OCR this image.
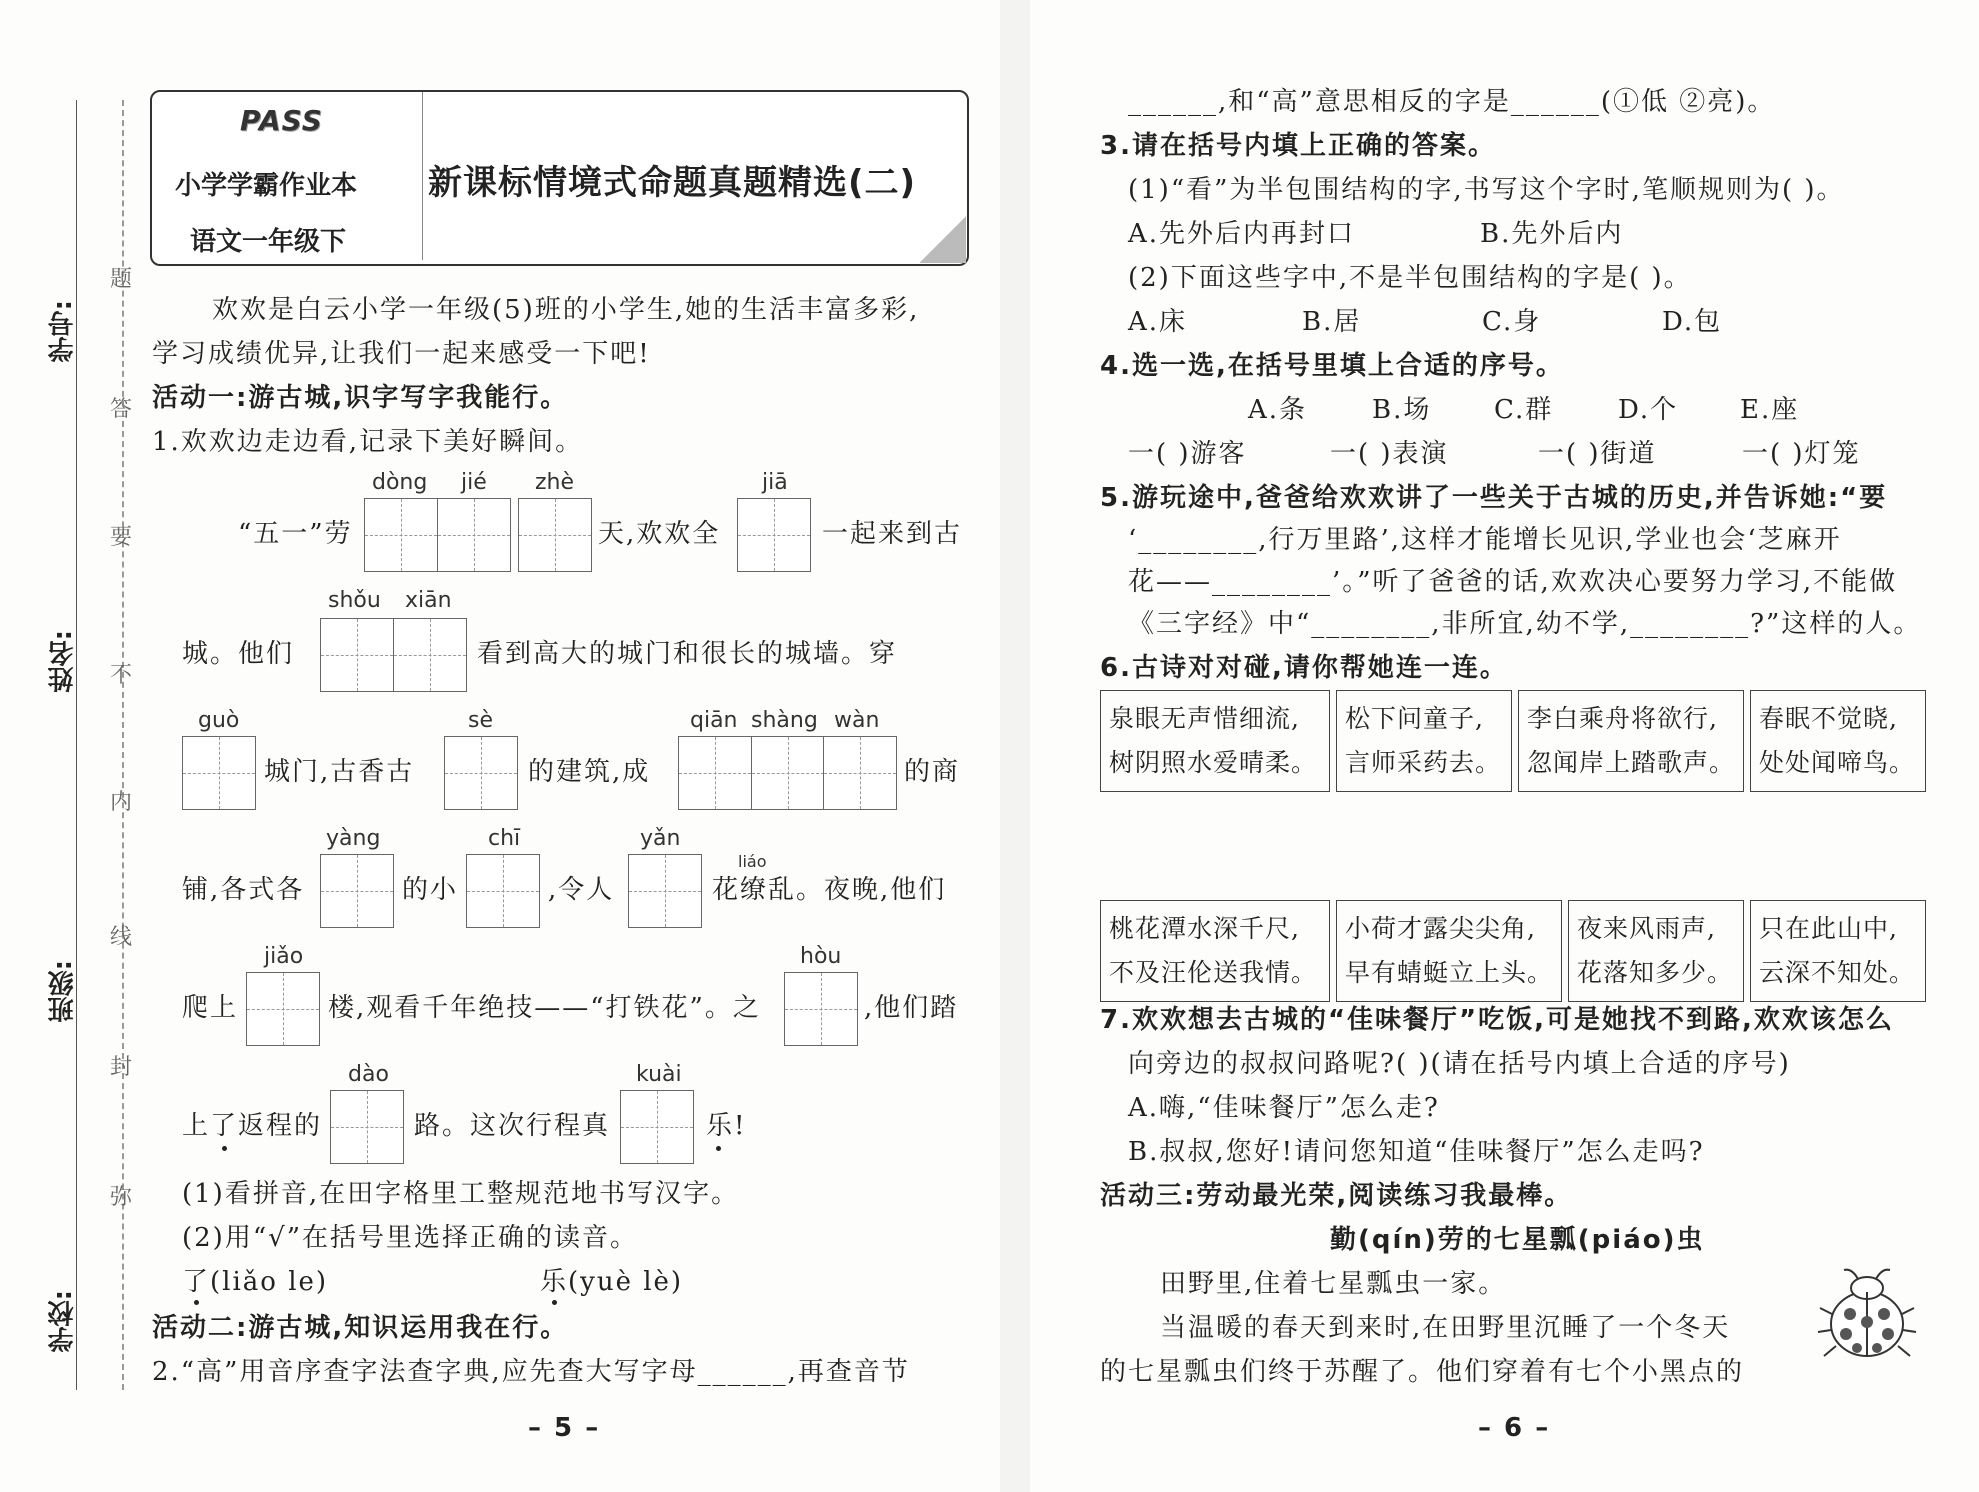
学号:
姓名:
班级:
学校:
题
答
要
不
内
线
封
弥
PASS
小学学霸作业本
语文一年级下
新课标情境式命题真题精选(二)
欢欢是白云小学一年级(5)班的小学生,她的生活丰富多彩,
学习成绩优异,让我们一起来感受一下吧!
活动一:游古城,识字写字我能行。
1.欢欢边走边看,记录下美好瞬间。
dòng jié zhè	jiā
“五一”劳	天,欢欢全	一起来到古
shǒu xiān
城。他们	看到高大的城门和很长的城墙。穿
guò	sè	qiān shàng wàn
城门,古香古	的建筑,成	的商
yàng	chī	yǎn
liáo
铺,各式各	的小	,令人	花缭乱。夜晚,他们
jiǎo	hòu
爬上	楼,观看千年绝技——“打铁花”。之	,他们踏
dào	kuài
上了返程的	路。这次行程真	乐!
(1)看拼音,在田字格里工整规范地书写汉字。
(2)用“√”在括号里选择正确的读音。
了(liǎo le)	乐(yuè lè)
活动二:游古城,知识运用我在行。
2.“高”用音序查字法查字典,应先查大写字母______,再查音节
– 5 –
______,和“高”意思相反的字是______(①低 ②亮)。
3.请在括号内填上正确的答案。
(1)“看”为半包围结构的字,书写这个字时,笔顺规则为( )。
A.先外后内再封口	B.先外后内
(2)下面这些字中,不是半包围结构的字是( )。
A.床	B.居	C.身	D.包
4.选一选,在括号里填上合适的序号。
A.条 B.场 C.群 D.个 E.座
一( )游客	一( )表演	一( )街道	一( )灯笼
5.游玩途中,爸爸给欢欢讲了一些关于古城的历史,并告诉她:“要
‘________,行万里路’,这样才能增长见识,学业也会‘芝麻开
花——________’。”听了爸爸的话,欢欢决心要努力学习,不能做
《三字经》中“________,非所宜,幼不学,________?”这样的人。
6.古诗对对碰,请你帮她连一连。
泉眼无声惜细流,
树阴照水爱晴柔。
松下问童子,
言师采药去。
李白乘舟将欲行,
忽闻岸上踏歌声。
春眠不觉晓,
处处闻啼鸟。
桃花潭水深千尺,
不及汪伦送我情。
小荷才露尖尖角,
早有蜻蜓立上头。
夜来风雨声,
花落知多少。
只在此山中,
云深不知处。
7.欢欢想去古城的“佳味餐厅”吃饭,可是她找不到路,欢欢该怎么
向旁边的叔叔问路呢?( )(请在括号内填上合适的序号)
A.嗨,“佳味餐厅”怎么走?
B.叔叔,您好!请问您知道“佳味餐厅”怎么走吗?
活动三:劳动最光荣,阅读练习我最棒。
勤(qín)劳的七星瓢(piáo)虫
田野里,住着七星瓢虫一家。
当温暖的春天到来时,在田野里沉睡了一个冬天
的七星瓢虫们终于苏醒了。他们穿着有七个小黑点的
– 6 –
